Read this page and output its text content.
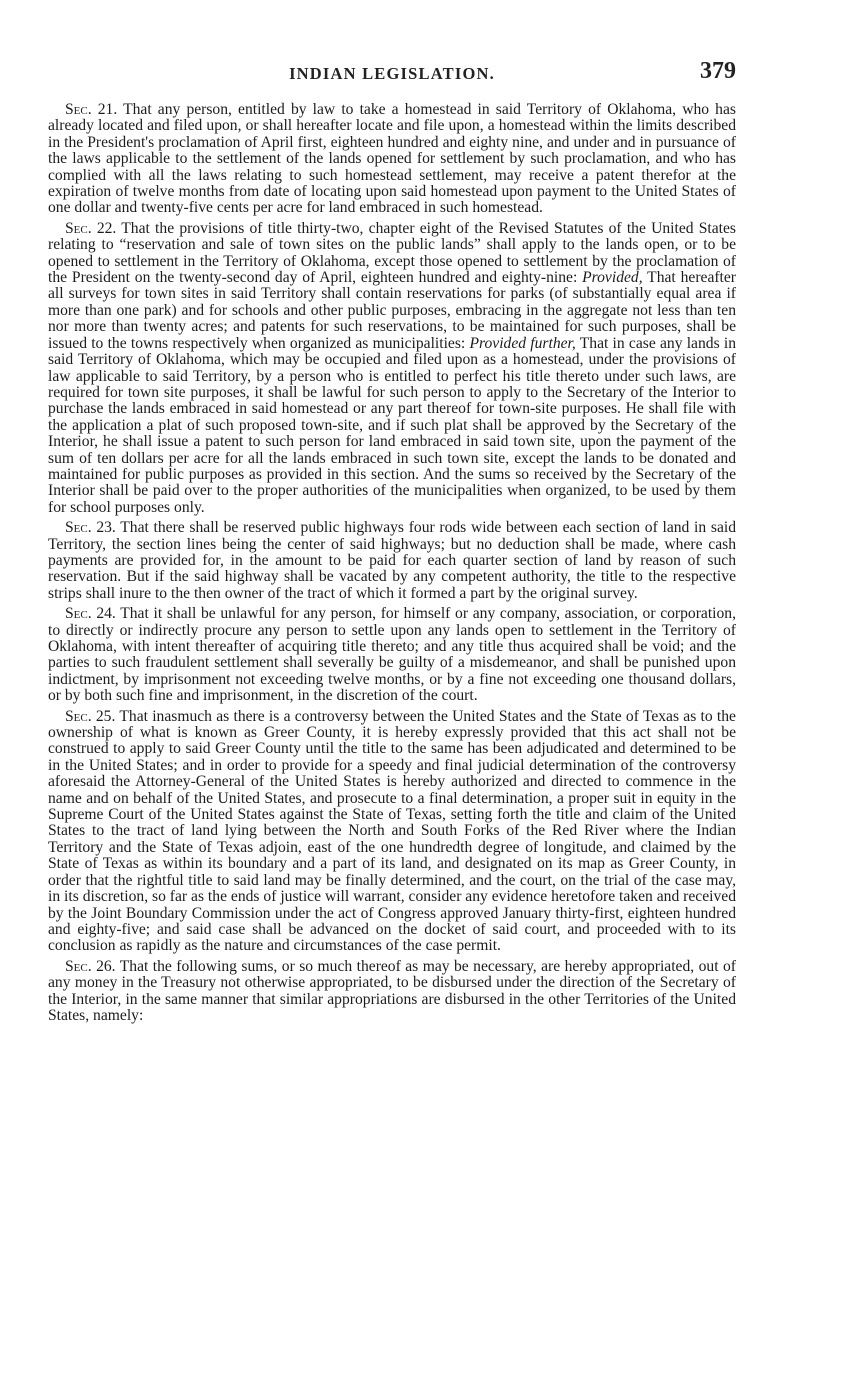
INDIAN LEGISLATION.	379

Sec. 21. That any person, entitled by law to take a homestead in said Territory of Oklahoma, who has already located and filed upon, or shall hereafter locate and file upon, a homestead within the limits described in the President's proclamation of April first, eighteen hundred and eighty nine, and under and in pursuance of the laws applicable to the settlement of the lands opened for settlement by such proclamation, and who has complied with all the laws relating to such homestead settlement, may receive a patent therefor at the expiration of twelve months from date of locating upon said homestead upon payment to the United States of one dollar and twenty-five cents per acre for land embraced in such homestead.

Sec. 22. That the provisions of title thirty-two, chapter eight of the Revised Statutes of the United States relating to “reservation and sale of town sites on the public lands” shall apply to the lands open, or to be opened to settlement in the Territory of Oklahoma, except those opened to settlement by the proclamation of the President on the twenty-second day of April, eighteen hundred and eighty-nine: Provided, That hereafter all surveys for town sites in said Territory shall contain reservations for parks (of substantially equal area if more than one park) and for schools and other public purposes, embracing in the aggregate not less than ten nor more than twenty acres; and patents for such reservations, to be maintained for such purposes, shall be issued to the towns respectively when organized as municipalities: Provided further, That in case any lands in said Territory of Oklahoma, which may be occupied and filed upon as a homestead, under the provisions of law applicable to said Territory, by a person who is entitled to perfect his title thereto under such laws, are required for town site purposes, it shall be lawful for such person to apply to the Secretary of the Interior to purchase the lands embraced in said homestead or any part thereof for town-site purposes. He shall file with the application a plat of such proposed town-site, and if such plat shall be approved by the Secretary of the Interior, he shall issue a patent to such person for land embraced in said town site, upon the payment of the sum of ten dollars per acre for all the lands embraced in such town site, except the lands to be donated and maintained for public purposes as provided in this section. And the sums so received by the Secretary of the Interior shall be paid over to the proper authorities of the municipalities when organized, to be used by them for school purposes only.

Sec. 23. That there shall be reserved public highways four rods wide between each section of land in said Territory, the section lines being the center of said highways; but no deduction shall be made, where cash payments are provided for, in the amount to be paid for each quarter section of land by reason of such reservation. But if the said highway shall be vacated by any competent authority, the title to the respective strips shall inure to the then owner of the tract of which it formed a part by the original survey.

Sec. 24. That it shall be unlawful for any person, for himself or any company, association, or corporation, to directly or indirectly procure any person to settle upon any lands open to settlement in the Territory of Oklahoma, with intent thereafter of acquiring title thereto; and any title thus acquired shall be void; and the parties to such fraudulent settlement shall severally be guilty of a misdemeanor, and shall be punished upon indictment, by imprisonment not exceeding twelve months, or by a fine not exceeding one thousand dollars, or by both such fine and imprisonment, in the discretion of the court.

Sec. 25. That inasmuch as there is a controversy between the United States and the State of Texas as to the ownership of what is known as Greer County, it is hereby expressly provided that this act shall not be construed to apply to said Greer County until the title to the same has been adjudicated and determined to be in the United States; and in order to provide for a speedy and final judicial determination of the controversy aforesaid the Attorney-General of the United States is hereby authorized and directed to commence in the name and on behalf of the United States, and prosecute to a final determination, a proper suit in equity in the Supreme Court of the United States against the State of Texas, setting forth the title and claim of the United States to the tract of land lying between the North and South Forks of the Red River where the Indian Territory and the State of Texas adjoin, east of the one hundredth degree of longitude, and claimed by the State of Texas as within its boundary and a part of its land, and designated on its map as Greer County, in order that the rightful title to said land may be finally determined, and the court, on the trial of the case may, in its discretion, so far as the ends of justice will warrant, consider any evidence heretofore taken and received by the Joint Boundary Commission under the act of Congress approved January thirty-first, eighteen hundred and eighty-five; and said case shall be advanced on the docket of said court, and proceeded with to its conclusion as rapidly as the nature and circumstances of the case permit.

Sec. 26. That the following sums, or so much thereof as may be necessary, are hereby appropriated, out of any money in the Treasury not otherwise appropriated, to be disbursed under the direction of the Secretary of the Interior, in the same manner that similar appropriations are disbursed in the other Territories of the United States, namely:
